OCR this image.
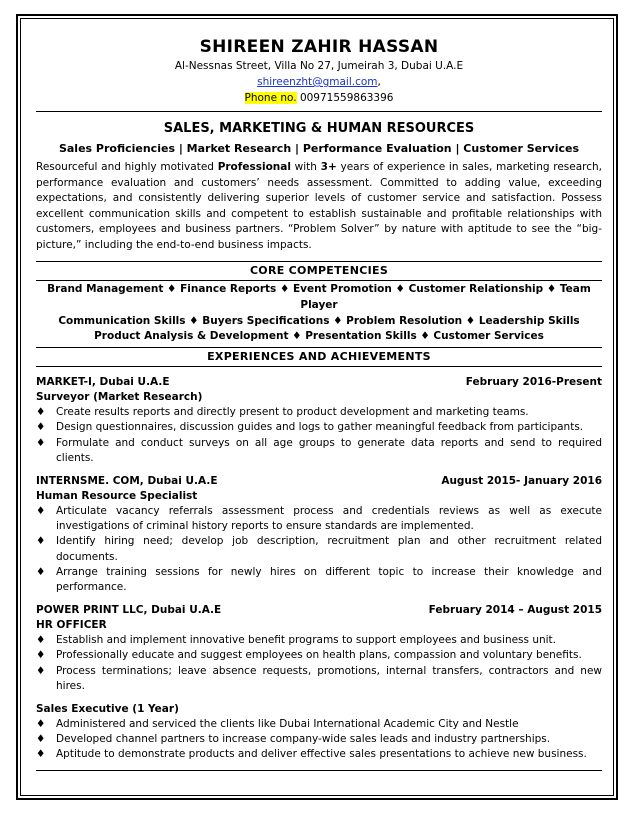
SHIREEN ZAHIR HASSAN

Al-Nessnas Street, Villa No 27, Jumeirah 3, Dubai U.A.E
shireenzht@gmail.com,
Phone no. 00971559863396
SALES, MARKETING & HUMAN RESOURCES
Sales Proficiencies | Market Research | Performance Evaluation | Customer Services

Resourceful and highly motivated Professional with 3+ years of experience in sales, marketing research, performance evaluation and customers’ needs assessment. Committed to adding value, exceeding expectations, and consistently delivering superior levels of customer service and satisfaction. Possess excellent communication skills and competent to establish sustainable and profitable relationships with customers, employees and business partners. “Problem Solver” by nature with aptitude to see the “big-picture,” including the end-to-end business impacts.

CORE COMPETENCIES
Brand Management ♦ Finance Reports ♦ Event Promotion ♦ Customer Relationship ♦ Team Player
Communication Skills ♦ Buyers Specifications ♦ Problem Resolution ♦ Leadership Skills
Product Analysis & Development ♦ Presentation Skills ♦ Customer Services
EXPERIENCES AND ACHIEVEMENTS
MARKET-I, Dubai U.A.E	February 2016-Present
Surveyor (Market Research)
♦ Create results reports and directly present to product development and marketing teams.
♦ Design questionnaires, discussion guides and logs to gather meaningful feedback from participants.
♦ Formulate and conduct surveys on all age groups to generate data reports and send to required clients.
INTERNSME. COM, Dubai U.A.E	August 2015- January 2016
Human Resource Specialist
♦ Articulate vacancy referrals assessment process and credentials reviews as well as execute investigations of criminal history reports to ensure standards are implemented.
♦ Identify hiring need; develop job description, recruitment plan and other recruitment related documents.
♦ Arrange training sessions for newly hires on different topic to increase their knowledge and performance.
POWER PRINT LLC, Dubai U.A.E	February 2014 – August 2015
HR OFFICER
♦ Establish and implement innovative benefit programs to support employees and business unit.
♦ Professionally educate and suggest employees on health plans, compassion and voluntary benefits.
♦ Process terminations; leave absence requests, promotions, internal transfers, contractors and new hires.
Sales Executive (1 Year)
♦ Administered and serviced the clients like Dubai International Academic City and Nestle
♦ Developed channel partners to increase company-wide sales leads and industry partnerships.
♦ Aptitude to demonstrate products and deliver effective sales presentations to achieve new business.
